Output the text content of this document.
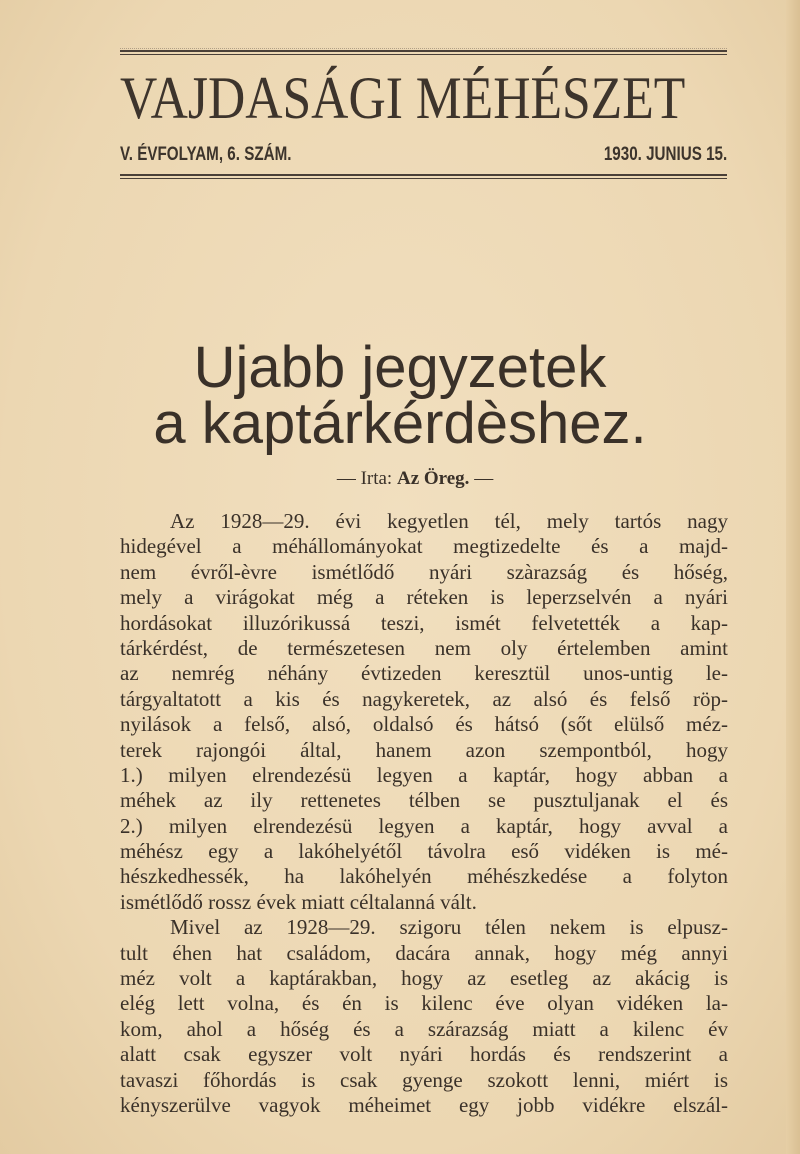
VAJDASÁGI MÉHÉSZET
V. ÉVFOLYAM, 6. SZÁM.	1930. JUNIUS 15.
Ujabb jegyzetek
a kaptárkérdèshez.
— Irta: Az Öreg. —
Az 1928—29. évi kegyetlen tél, mely tartós nagy
hidegével a méhállományokat megtizedelte és a majd-
nem évről-èvre ismétlődő nyári szàrazság és hőség,
mely a virágokat még a réteken is leperzselvén a nyári
hordásokat illuzórikussá teszi, ismét felvetették a kap-
tárkérdést, de természetesen nem oly értelemben amint
az nemrég néhány évtizeden keresztül unos-untig le-
tárgyaltatott a kis és nagykeretek, az alsó és felső röp-
nyilások a felső, alsó, oldalsó és hátsó (sőt elülső méz-
terek rajongói által, hanem azon szempontból, hogy
1.) milyen elrendezésü legyen a kaptár, hogy abban a
méhek az ily rettenetes télben se pusztuljanak el és
2.) milyen elrendezésü legyen a kaptár, hogy avval a
méhész egy a lakóhelyétől távolra eső vidéken is mé-
hészkedhessék, ha lakóhelyén méhészkedése a folyton
ismétlődő rossz évek miatt céltalanná vált.
Mivel az 1928—29. szigoru télen nekem is elpusz-
tult éhen hat családom, dacára annak, hogy még annyi
méz volt a kaptárakban, hogy az esetleg az akácig is
elég lett volna, és én is kilenc éve olyan vidéken la-
kom, ahol a hőség és a szárazság miatt a kilenc év
alatt csak egyszer volt nyári hordás és rendszerint a
tavaszi főhordás is csak gyenge szokott lenni, miért is
kényszerülve vagyok méheimet egy jobb vidékre elszál-
